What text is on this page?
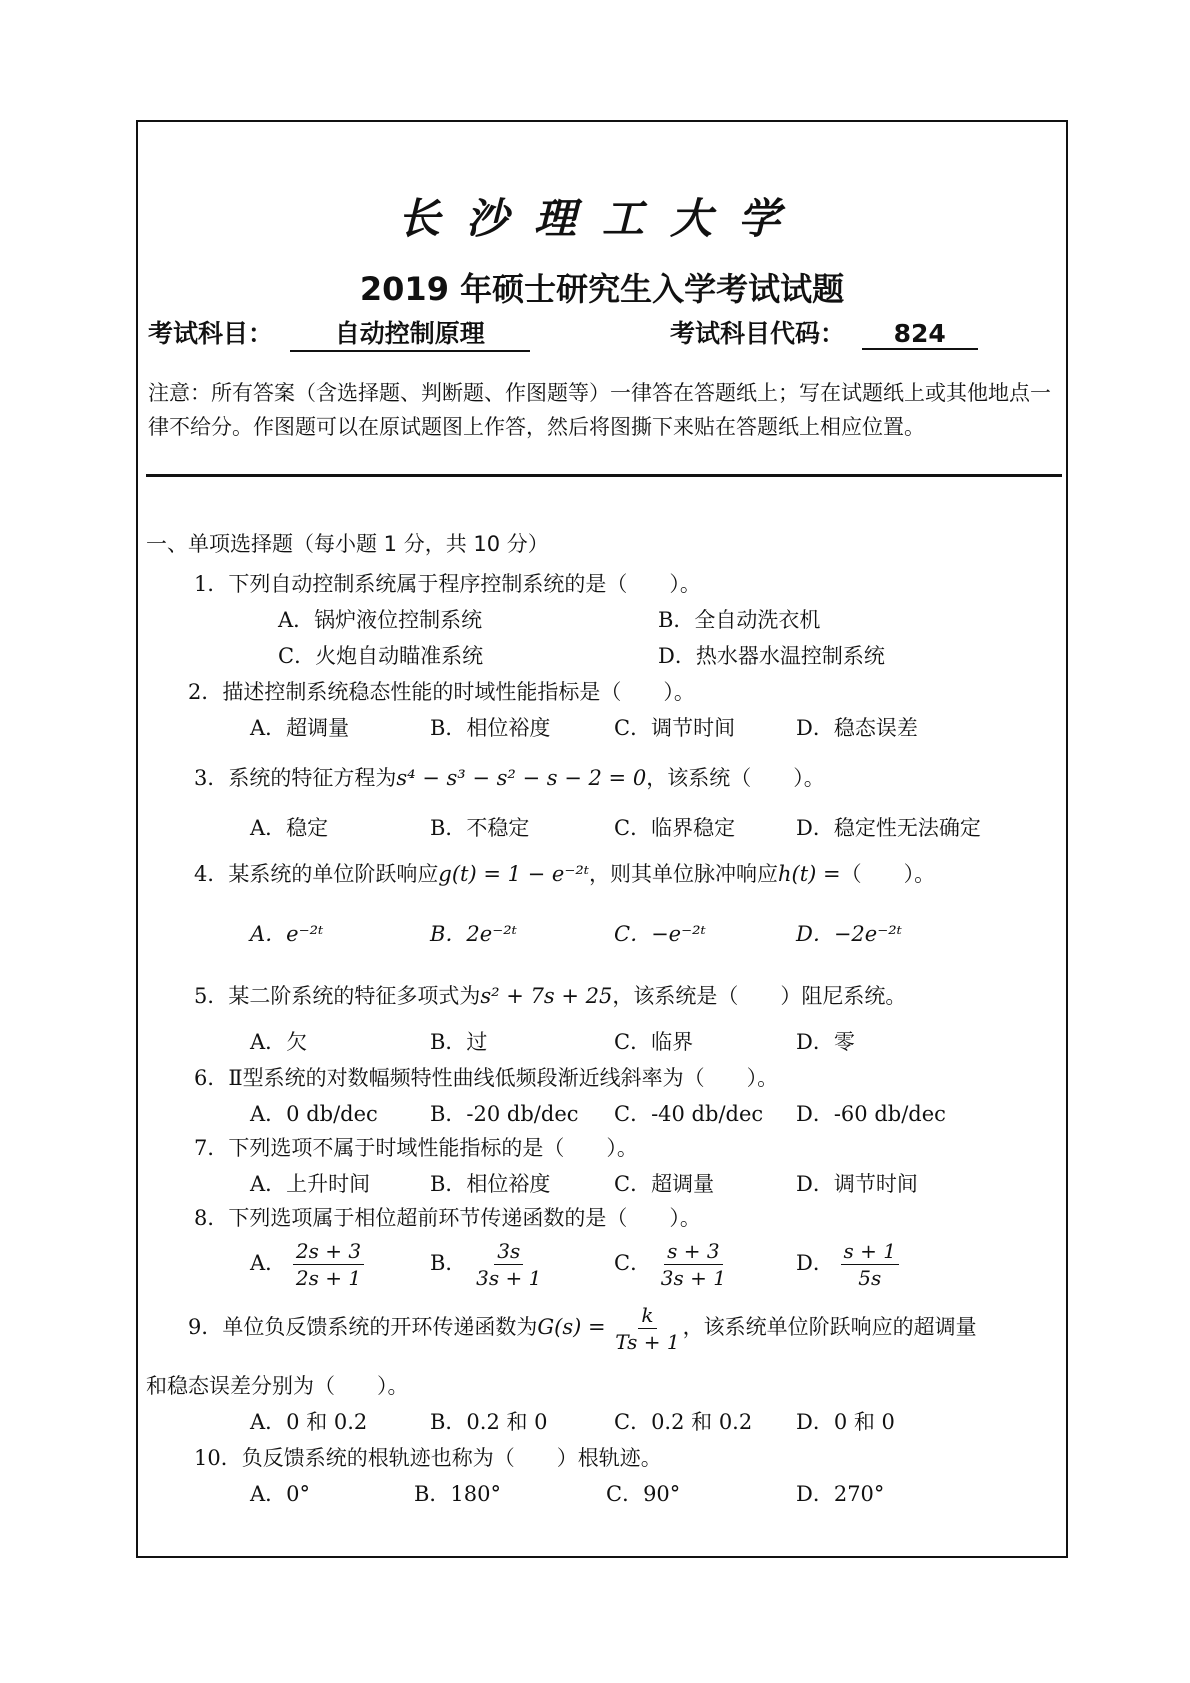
长沙理工大学
2019 年硕士研究生入学考试试题
考试科目： 自动控制原理	考试科目代码： 824
注意：所有答案（含选择题、判断题、作图题等）一律答在答题纸上；写在试题纸上或其他地点一律不给分。作图题可以在原试题图上作答，然后将图撕下来贴在答题纸上相应位置。
一、单项选择题（每小题 1 分，共 10 分）
1．下列自动控制系统属于程序控制系统的是（　　）。
A．锅炉液位控制系统	B．全自动洗衣机
C．火炮自动瞄准系统	D．热水器水温控制系统
2．描述控制系统稳态性能的时域性能指标是（　　）。
A．超调量	B．相位裕度	C．调节时间	D．稳态误差
3．系统的特征方程为s⁴ − s³ − s² − s − 2 = 0，该系统（　　）。
A．稳定	B．不稳定	C．临界稳定	D．稳定性无法确定
4．某系统的单位阶跃响应g(t) = 1 − e⁻²ᵗ，则其单位脉冲响应h(t) =（　　）。
A．e⁻²ᵗ	B．2e⁻²ᵗ	C．−e⁻²ᵗ	D．−2e⁻²ᵗ
5．某二阶系统的特征多项式为s² + 7s + 25，该系统是（　　）阻尼系统。
A．欠	B．过	C．临界	D．零
6．Ⅱ型系统的对数幅频特性曲线低频段渐近线斜率为（　　）。
A．0 db/dec B．-20 db/dec C．-40 db/dec D．-60 db/dec
7．下列选项不属于时域性能指标的是（　　）。
A．上升时间	B．相位裕度	C．超调量	D．调节时间
8．下列选项属于相位超前环节传递函数的是（　　）。
A． $\frac{2s + 3}{2s + 1}$	B． $\frac{3s}{3s + 1}$	C． $\frac{s + 3}{3s + 1}$	D． $\frac{s + 1}{5s}$
9．单位负反馈系统的开环传递函数为$G(s) = \frac{k}{Ts + 1}$ ，该系统单位阶跃响应的超调量
和稳态误差分别为（　　）。
A．0 和 0.2	B．0.2 和 0	C．0.2 和 0.2 D．0 和 0
10．负反馈系统的根轨迹也称为（　　）根轨迹。
A．0°	B．180°	C．90°	D．270°
